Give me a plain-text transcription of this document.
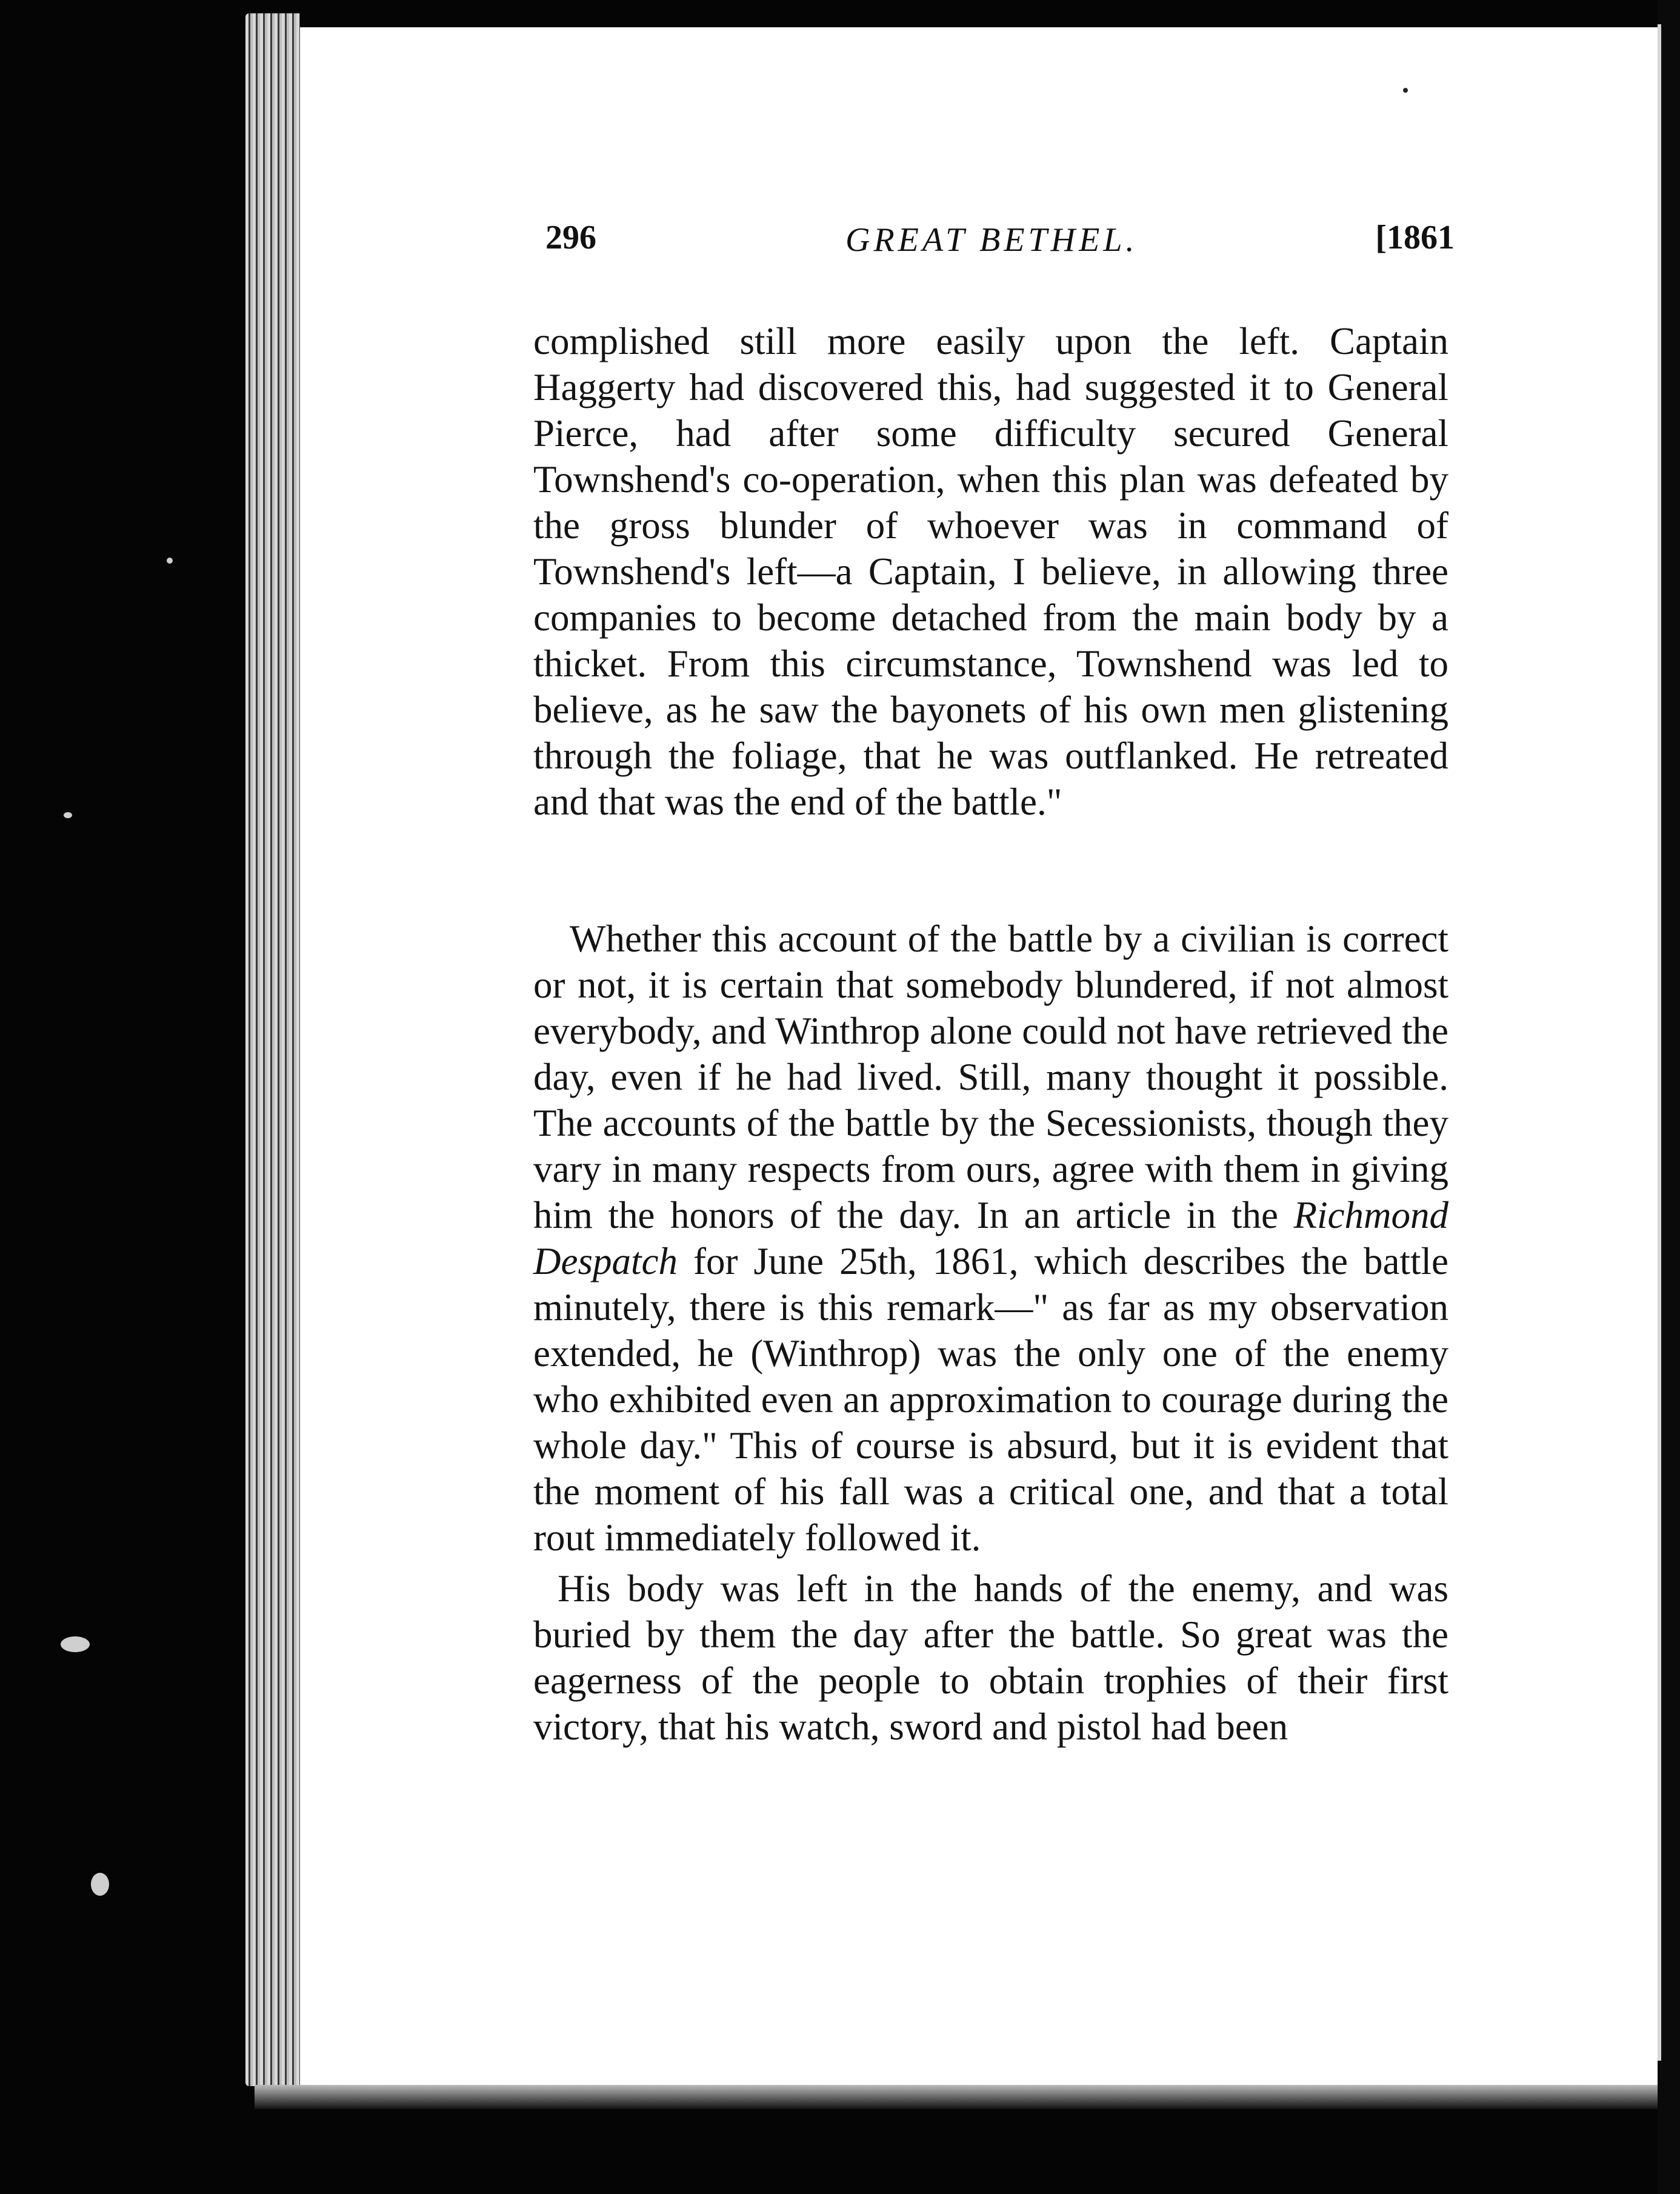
296	GREAT BETHEL.	[1861

complished still more easily upon the left. Captain Haggerty had discovered this, had suggested it to General Pierce, had after some difficulty secured General Townshend's co-operation, when this plan was defeated by the gross blunder of whoever was in command of Townshend's left—a Captain, I believe, in allowing three companies to become detached from the main body by a thicket. From this circumstance, Townshend was led to believe, as he saw the bayonets of his own men glistening through the foliage, that he was outflanked. He retreated and that was the end of the battle."

Whether this account of the battle by a civilian is correct or not, it is certain that somebody blundered, if not almost everybody, and Winthrop alone could not have retrieved the day, even if he had lived. Still, many thought it possible. The accounts of the battle by the Secessionists, though they vary in many respects from ours, agree with them in giving him the honors of the day. In an article in the Richmond Despatch for June 25th, 1861, which describes the battle minutely, there is this remark—" as far as my observation extended, he (Winthrop) was the only one of the enemy who exhibited even an approximation to courage during the whole day." This of course is absurd, but it is evident that the moment of his fall was a critical one, and that a total rout immediately followed it.

His body was left in the hands of the enemy, and was buried by them the day after the battle. So great was the eagerness of the people to obtain trophies of their first victory, that his watch, sword and pistol had been
